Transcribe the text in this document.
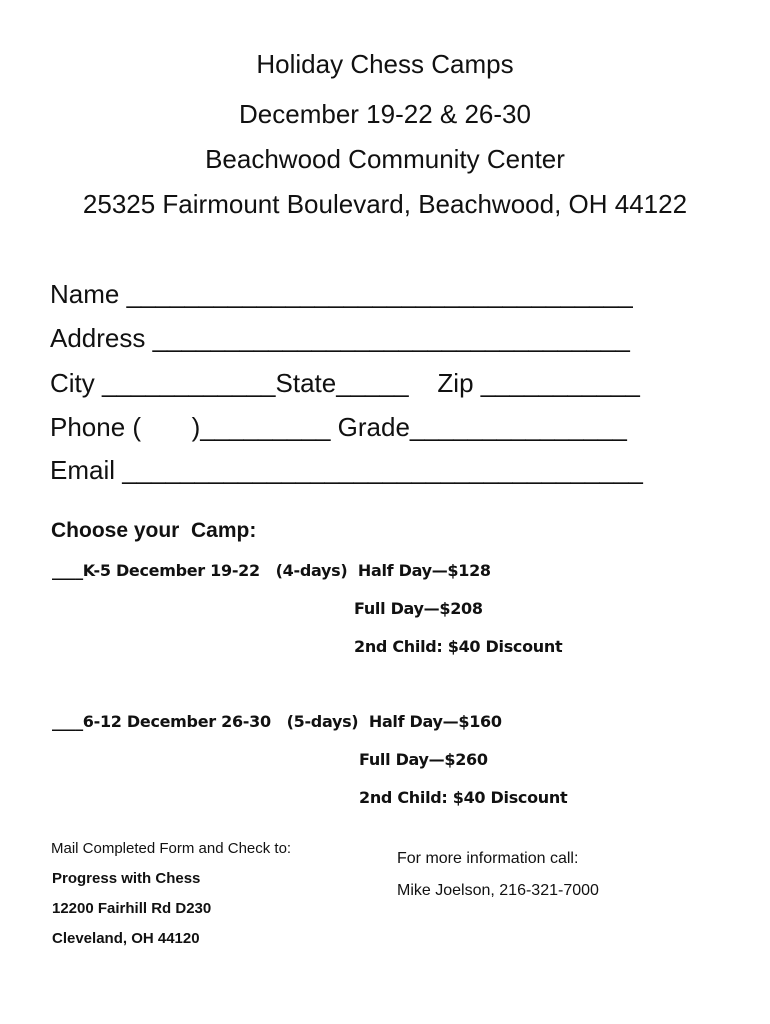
Holiday Chess Camps
December 19-22 & 26-30
Beachwood Community Center
25325 Fairmount Boulevard, Beachwood, OH 44122
Name ___________________________________
Address _________________________________
City ____________State_____    Zip ___________
Phone (       )_________ Grade_______________
Email ____________________________________
Choose your  Camp:
____K-5 December 19-22   (4-days)  Half Day—$128
Full Day—$208
2nd Child: $40 Discount
____6-12 December 26-30   (5-days)  Half Day—$160
Full Day—$260
2nd Child: $40 Discount
Mail Completed Form and Check to:
Progress with Chess
12200 Fairhill Rd D230
Cleveland, OH 44120
For more information call:
Mike Joelson, 216-321-7000
